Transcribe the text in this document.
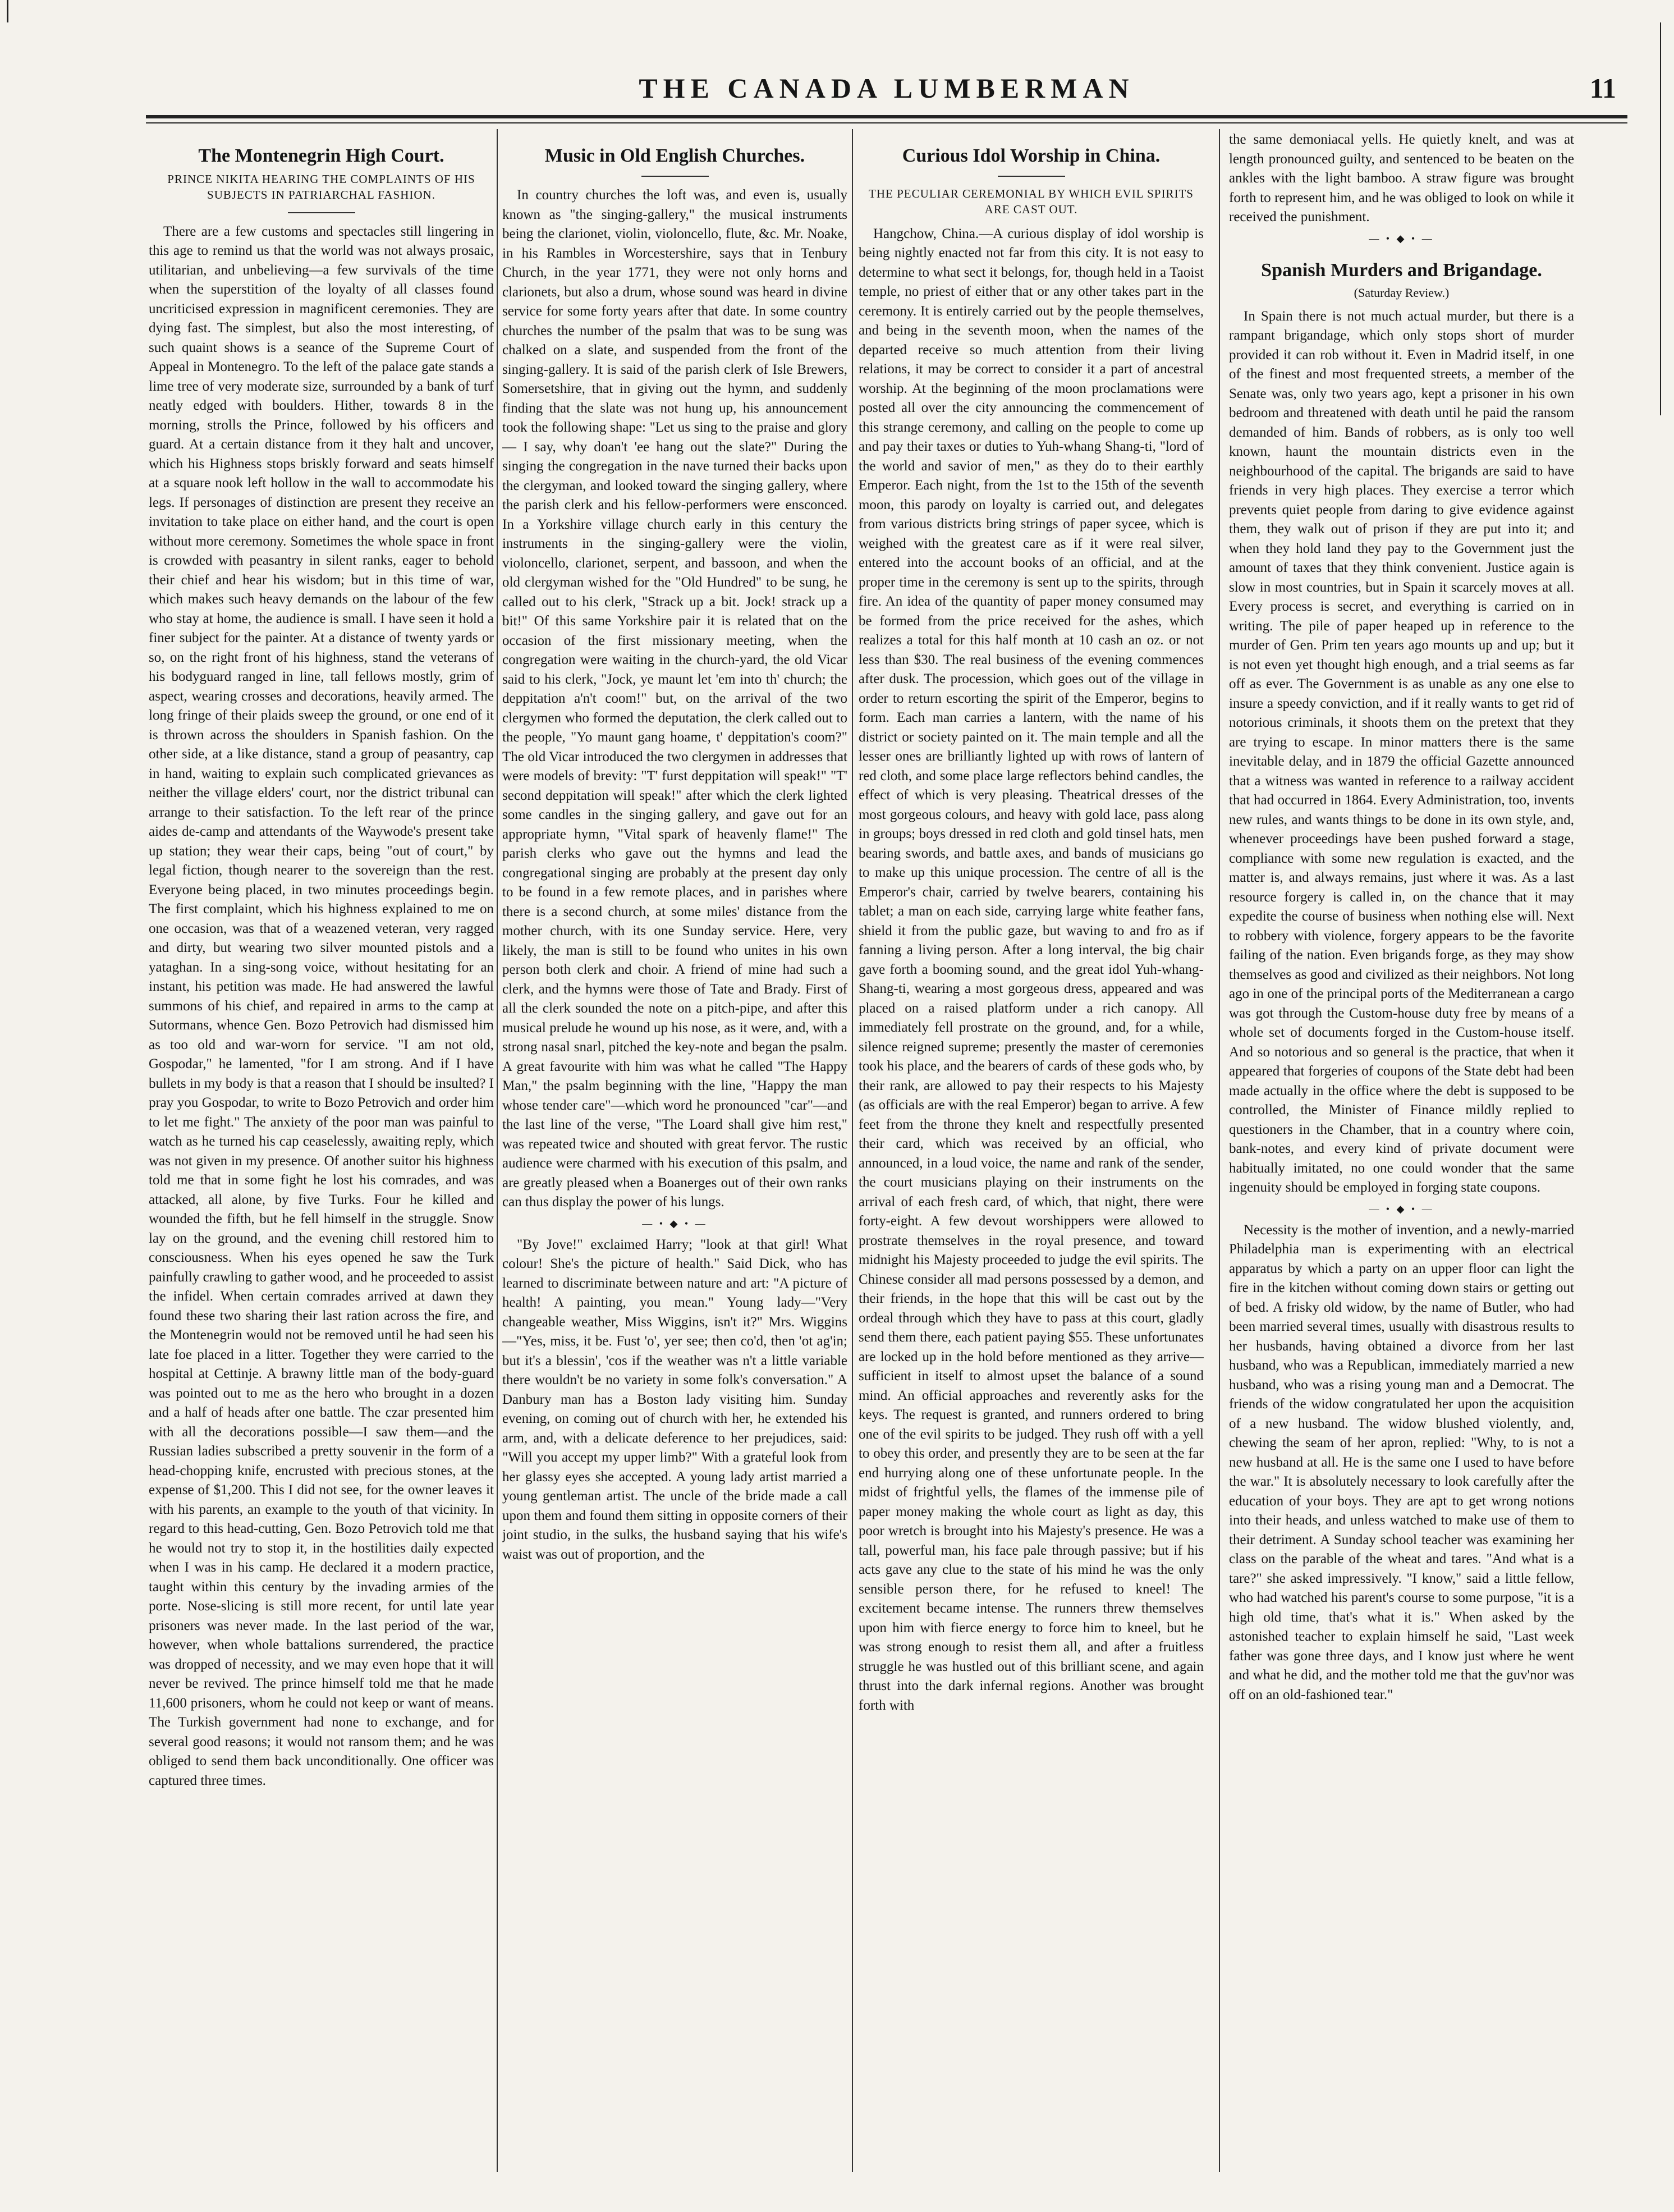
THE CANADA LUMBERMAN	11
The Montenegrin High Court.
PRINCE NIKITA HEARING THE COMPLAINTS OF HIS SUBJECTS IN PATRIARCHAL FASHION.

There are a few customs and spectacles still lingering in this age to remind us that the world was not always prosaic, utilitarian, and unbelieving—a few survivals of the time when the superstition of the loyalty of all classes found uncriticised expression in magnificent ceremonies. They are dying fast. The simplest, but also the most interesting, of such quaint shows is a seance of the Supreme Court of Appeal in Montenegro. To the left of the palace gate stands a lime tree of very moderate size, surrounded by a bank of turf neatly edged with boulders. Hither, towards 8 in the morning, strolls the Prince, followed by his officers and guard. At a certain distance from it they halt and uncover, which his Highness stops briskly forward and seats himself at a square nook left hollow in the wall to accommodate his legs. If personages of distinction are present they receive an invitation to take place on either hand, and the court is open without more ceremony. Sometimes the whole space in front is crowded with peasantry in silent ranks, eager to behold their chief and hear his wisdom; but in this time of war, which makes such heavy demands on the labour of the few who stay at home, the audience is small. I have seen it hold a finer subject for the painter. At a distance of twenty yards or so, on the right front of his highness, stand the veterans of his bodyguard ranged in line, tall fellows mostly, grim of aspect, wearing crosses and decorations, heavily armed. The long fringe of their plaids sweep the ground, or one end of it is thrown across the shoulders in Spanish fashion. On the other side, at a like distance, stand a group of peasantry, cap in hand, waiting to explain such complicated grievances as neither the village elders' court, nor the district tribunal can arrange to their satisfaction. To the left rear of the prince aides de-camp and attendants of the Waywode's present take up station; they wear their caps, being "out of court," by legal fiction, though nearer to the sovereign than the rest. Everyone being placed, in two minutes proceedings begin. The first complaint, which his highness explained to me on one occasion, was that of a weazened veteran, very ragged and dirty, but wearing two silver mounted pistols and a yataghan. In a sing-song voice, without hesitating for an instant, his petition was made. He had answered the lawful summons of his chief, and repaired in arms to the camp at Sutormans, whence Gen. Bozo Petrovich had dismissed him as too old and war-worn for service. "I am not old, Gospodar," he lamented, "for I am strong. And if I have bullets in my body is that a reason that I should be insulted? I pray you Gospodar, to write to Bozo Petrovich and order him to let me fight." The anxiety of the poor man was painful to watch as he turned his cap ceaselessly, awaiting reply, which was not given in my presence. Of another suitor his highness told me that in some fight he lost his comrades, and was attacked, all alone, by five Turks. Four he killed and wounded the fifth, but he fell himself in the struggle. Snow lay on the ground, and the evening chill restored him to consciousness. When his eyes opened he saw the Turk painfully crawling to gather wood, and he proceeded to assist the infidel. When certain comrades arrived at dawn they found these two sharing their last ration across the fire, and the Montenegrin would not be removed until he had seen his late foe placed in a litter. Together they were carried to the hospital at Cettinje. A brawny little man of the body-guard was pointed out to me as the hero who brought in a dozen and a half of heads after one battle. The czar presented him with all the decorations possible—I saw them—and the Russian ladies subscribed a pretty souvenir in the form of a head-chopping knife, encrusted with precious stones, at the expense of $1,200. This I did not see, for the owner leaves it with his parents, an example to the youth of that vicinity. In regard to this head-cutting, Gen. Bozo Petrovich told me that he would not try to stop it, in the hostilities daily expected when I was in his camp. He declared it a modern practice, taught within this century by the invading armies of the porte. Nose-slicing is still more recent, for until late year prisoners was never made. In the last period of the war, however, when whole battalions surrendered, the practice was dropped of necessity, and we may even hope that it will never be revived. The prince himself told me that he made 11,600 prisoners, whom he could not keep or want of means. The Turkish government had none to exchange, and for several good reasons; it would not ransom them; and he was obliged to send them back unconditionally. One officer was captured three times.

Music in Old English Churches.

In country churches the loft was, and even is, usually known as "the singing-gallery," the musical instruments being the clarionet, violin, violoncello, flute, &c. Mr. Noake, in his Rambles in Worcestershire, says that in Tenbury Church, in the year 1771, they were not only horns and clarionets, but also a drum, whose sound was heard in divine service for some forty years after that date. In some country churches the number of the psalm that was to be sung was chalked on a slate, and suspended from the front of the singing-gallery. It is said of the parish clerk of Isle Brewers, Somersetshire, that in giving out the hymn, and suddenly finding that the slate was not hung up, his announcement took the following shape: "Let us sing to the praise and glory — I say, why doan't 'ee hang out the slate?" During the singing the congregation in the nave turned their backs upon the clergyman, and looked toward the singing gallery, where the parish clerk and his fellow-performers were ensconced. In a Yorkshire village church early in this century the instruments in the singing-gallery were the violin, violoncello, clarionet, serpent, and bassoon, and when the old clergyman wished for the "Old Hundred" to be sung, he called out to his clerk, "Strack up a bit. Jock! strack up a bit!" Of this same Yorkshire pair it is related that on the occasion of the first missionary meeting, when the congregation were waiting in the church-yard, the old Vicar said to his clerk, "Jock, ye maunt let 'em into th' church; the deppitation a'n't coom!" but, on the arrival of the two clergymen who formed the deputation, the clerk called out to the people, "Yo maunt gang hoame, t' deppitation's coom?" The old Vicar introduced the two clergymen in addresses that were models of brevity: "T' furst deppitation will speak!" "T' second deppitation will speak!" after which the clerk lighted some candles in the singing gallery, and gave out for an appropriate hymn, "Vital spark of heavenly flame!" The parish clerks who gave out the hymns and lead the congregational singing are probably at the present day only to be found in a few remote places, and in parishes where there is a second church, at some miles' distance from the mother church, with its one Sunday service. Here, very likely, the man is still to be found who unites in his own person both clerk and choir. A friend of mine had such a clerk, and the hymns were those of Tate and Brady. First of all the clerk sounded the note on a pitch-pipe, and after this musical prelude he wound up his nose, as it were, and, with a strong nasal snarl, pitched the key-note and began the psalm. A great favourite with him was what he called "The Happy Man," the psalm beginning with the line, "Happy the man whose tender care"—which word he pronounced "car"—and the last line of the verse, "The Loard shall give him rest," was repeated twice and shouted with great fervor. The rustic audience were charmed with his execution of this psalm, and are greatly pleased when a Boanerges out of their own ranks can thus display the power of his lungs.

— • ◆ • —

"By Jove!" exclaimed Harry; "look at that girl! What colour! She's the picture of health." Said Dick, who has learned to discriminate between nature and art: "A picture of health! A painting, you mean." Young lady—"Very changeable weather, Miss Wiggins, isn't it?" Mrs. Wiggins—"Yes, miss, it be. Fust 'o', yer see; then co'd, then 'ot ag'in; but it's a blessin', 'cos if the weather was n't a little variable there wouldn't be no variety in some folk's conversation." A Danbury man has a Boston lady visiting him. Sunday evening, on coming out of church with her, he extended his arm, and, with a delicate deference to her prejudices, said: "Will you accept my upper limb?" With a grateful look from her glassy eyes she accepted. A young lady artist married a young gentleman artist. The uncle of the bride made a call upon them and found them sitting in opposite corners of their joint studio, in the sulks, the husband saying that his wife's waist was out of proportion, and the

Curious Idol Worship in China.
THE PECULIAR CEREMONIAL BY WHICH EVIL SPIRITS ARE CAST OUT.

Hangchow, China.—A curious display of idol worship is being nightly enacted not far from this city. It is not easy to determine to what sect it belongs, for, though held in a Taoist temple, no priest of either that or any other takes part in the ceremony. It is entirely carried out by the people themselves, and being in the seventh moon, when the names of the departed receive so much attention from their living relations, it may be correct to consider it a part of ancestral worship. At the beginning of the moon proclamations were posted all over the city announcing the commencement of this strange ceremony, and calling on the people to come up and pay their taxes or duties to Yuh-whang Shang-ti, "lord of the world and savior of men," as they do to their earthly Emperor. Each night, from the 1st to the 15th of the seventh moon, this parody on loyalty is carried out, and delegates from various districts bring strings of paper sycee, which is weighed with the greatest care as if it were real silver, entered into the account books of an official, and at the proper time in the ceremony is sent up to the spirits, through fire. An idea of the quantity of paper money consumed may be formed from the price received for the ashes, which realizes a total for this half month at 10 cash an oz. or not less than $30. The real business of the evening commences after dusk. The procession, which goes out of the village in order to return escorting the spirit of the Emperor, begins to form. Each man carries a lantern, with the name of his district or society painted on it. The main temple and all the lesser ones are brilliantly lighted up with rows of lantern of red cloth, and some place large reflectors behind candles, the effect of which is very pleasing. Theatrical dresses of the most gorgeous colours, and heavy with gold lace, pass along in groups; boys dressed in red cloth and gold tinsel hats, men bearing swords, and battle axes, and bands of musicians go to make up this unique procession. The centre of all is the Emperor's chair, carried by twelve bearers, containing his tablet; a man on each side, carrying large white feather fans, shield it from the public gaze, but waving to and fro as if fanning a living person. After a long interval, the big chair gave forth a booming sound, and the great idol Yuh-whang-Shang-ti, wearing a most gorgeous dress, appeared and was placed on a raised platform under a rich canopy. All immediately fell prostrate on the ground, and, for a while, silence reigned supreme; presently the master of ceremonies took his place, and the bearers of cards of these gods who, by their rank, are allowed to pay their respects to his Majesty (as officials are with the real Emperor) began to arrive. A few feet from the throne they knelt and respectfully presented their card, which was received by an official, who announced, in a loud voice, the name and rank of the sender, the court musicians playing on their instruments on the arrival of each fresh card, of which, that night, there were forty-eight. A few devout worshippers were allowed to prostrate themselves in the royal presence, and toward midnight his Majesty proceeded to judge the evil spirits. The Chinese consider all mad persons possessed by a demon, and their friends, in the hope that this will be cast out by the ordeal through which they have to pass at this court, gladly send them there, each patient paying $55. These unfortunates are locked up in the hold before mentioned as they arrive—sufficient in itself to almost upset the balance of a sound mind. An official approaches and reverently asks for the keys. The request is granted, and runners ordered to bring one of the evil spirits to be judged. They rush off with a yell to obey this order, and presently they are to be seen at the far end hurrying along one of these unfortunate people. In the midst of frightful yells, the flames of the immense pile of paper money making the whole court as light as day, this poor wretch is brought into his Majesty's presence. He was a tall, powerful man, his face pale through passive; but if his acts gave any clue to the state of his mind he was the only sensible person there, for he refused to kneel! The excitement became intense. The runners threw themselves upon him with fierce energy to force him to kneel, but he was strong enough to resist them all, and after a fruitless struggle he was hustled out of this brilliant scene, and again thrust into the dark infernal regions. Another was brought forth with

the same demoniacal yells. He quietly knelt, and was at length pronounced guilty, and sentenced to be beaten on the ankles with the light bamboo. A straw figure was brought forth to represent him, and he was obliged to look on while it received the punishment.

— • ◆ • —
Spanish Murders and Brigandage.
(Saturday Review.)

In Spain there is not much actual murder, but there is a rampant brigandage, which only stops short of murder provided it can rob without it. Even in Madrid itself, in one of the finest and most frequented streets, a member of the Senate was, only two years ago, kept a prisoner in his own bedroom and threatened with death until he paid the ransom demanded of him. Bands of robbers, as is only too well known, haunt the mountain districts even in the neighbourhood of the capital. The brigands are said to have friends in very high places. They exercise a terror which prevents quiet people from daring to give evidence against them, they walk out of prison if they are put into it; and when they hold land they pay to the Government just the amount of taxes that they think convenient. Justice again is slow in most countries, but in Spain it scarcely moves at all. Every process is secret, and everything is carried on in writing. The pile of paper heaped up in reference to the murder of Gen. Prim ten years ago mounts up and up; but it is not even yet thought high enough, and a trial seems as far off as ever. The Government is as unable as any one else to insure a speedy conviction, and if it really wants to get rid of notorious criminals, it shoots them on the pretext that they are trying to escape. In minor matters there is the same inevitable delay, and in 1879 the official Gazette announced that a witness was wanted in reference to a railway accident that had occurred in 1864. Every Administration, too, invents new rules, and wants things to be done in its own style, and, whenever proceedings have been pushed forward a stage, compliance with some new regulation is exacted, and the matter is, and always remains, just where it was. As a last resource forgery is called in, on the chance that it may expedite the course of business when nothing else will. Next to robbery with violence, forgery appears to be the favorite failing of the nation. Even brigands forge, as they may show themselves as good and civilized as their neighbors. Not long ago in one of the principal ports of the Mediterranean a cargo was got through the Custom-house duty free by means of a whole set of documents forged in the Custom-house itself. And so notorious and so general is the practice, that when it appeared that forgeries of coupons of the State debt had been made actually in the office where the debt is supposed to be controlled, the Minister of Finance mildly replied to questioners in the Chamber, that in a country where coin, bank-notes, and every kind of private document were habitually imitated, no one could wonder that the same ingenuity should be employed in forging state coupons.

— • ◆ • —

Necessity is the mother of invention, and a newly-married Philadelphia man is experimenting with an electrical apparatus by which a party on an upper floor can light the fire in the kitchen without coming down stairs or getting out of bed. A frisky old widow, by the name of Butler, who had been married several times, usually with disastrous results to her husbands, having obtained a divorce from her last husband, who was a Republican, immediately married a new husband, who was a rising young man and a Democrat. The friends of the widow congratulated her upon the acquisition of a new husband. The widow blushed violently, and, chewing the seam of her apron, replied: "Why, to is not a new husband at all. He is the same one I used to have before the war." It is absolutely necessary to look carefully after the education of your boys. They are apt to get wrong notions into their heads, and unless watched to make use of them to their detriment. A Sunday school teacher was examining her class on the parable of the wheat and tares. "And what is a tare?" she asked impressively. "I know," said a little fellow, who had watched his parent's course to some purpose, "it is a high old time, that's what it is." When asked by the astonished teacher to explain himself he said, "Last week father was gone three days, and I know just where he went and what he did, and the mother told me that the guv'nor was off on an old-fashioned tear."
